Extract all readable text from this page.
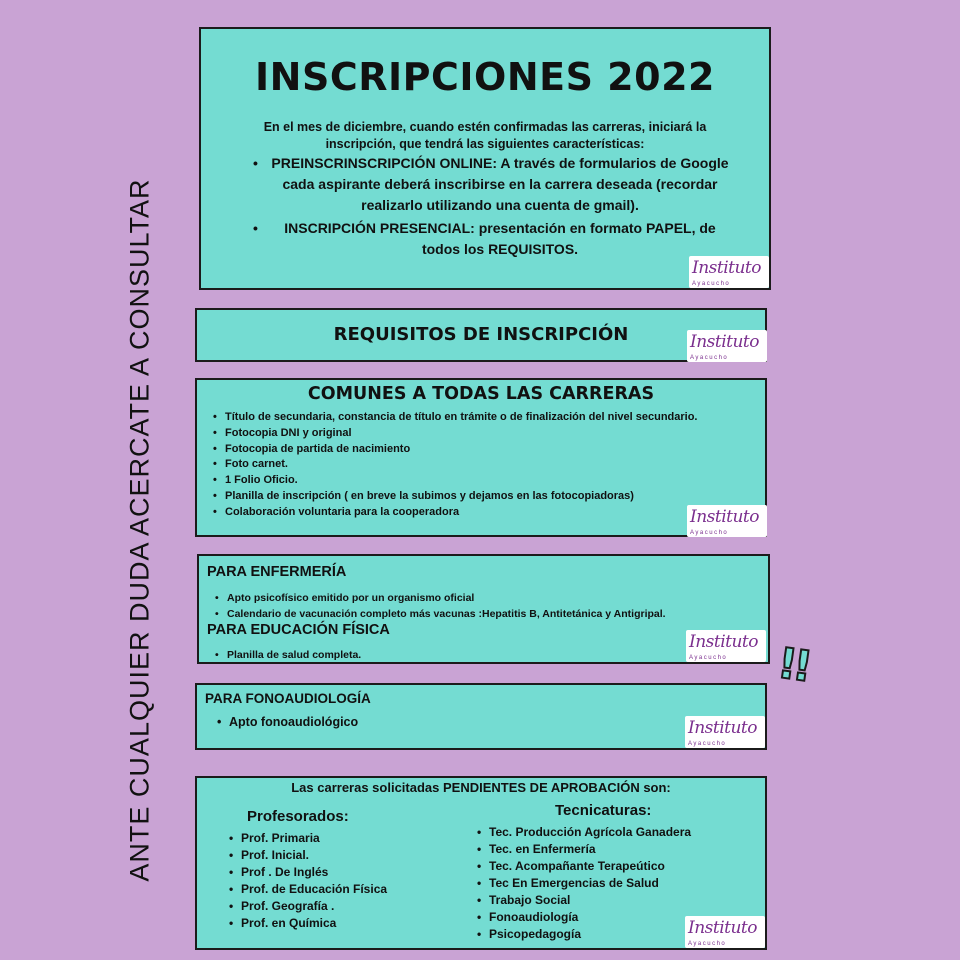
ANTE CUALQUIER DUDA ACERCATE A CONSULTAR
INSCRIPCIONES 2022
En el mes de diciembre, cuando estén confirmadas las carreras, iniciará la inscripción, que tendrá las siguientes características:
• PREINSCRINSCRIPCIÓN ONLINE: A través de formularios de Google cada aspirante deberá inscribirse en la carrera deseada (recordar realizarlo utilizando una cuenta de gmail).
• INSCRIPCIÓN PRESENCIAL: presentación en formato PAPEL, de todos los REQUISITOS.
Instituto
Ayacucho
REQUISITOS DE INSCRIPCIÓN	Instituto
Ayacucho
COMUNES A TODAS LAS CARRERAS
• Título de secundaria, constancia de título en trámite o de finalización del nivel secundario.
• Fotocopia DNI y original
• Fotocopia de partida de nacimiento
• Foto carnet.
• 1 Folio Oficio.
• Planilla de inscripción ( en breve la subimos y dejamos en las fotocopiadoras)
• Colaboración voluntaria para la cooperadora	Instituto
Ayacucho
PARA ENFERMERÍA
• Apto psicofísico emitido por un organismo oficial
• Calendario de vacunación completo más vacunas :Hepatitis B, Antitetánica y Antigripal.
PARA EDUCACIÓN FÍSICA
• Planilla de salud completa.
Instituto
Ayacucho !!
PARA FONOAUDIOLOGÍA
• Apto fonoaudiológico	Instituto
Ayacucho
Las carreras solicitadas PENDIENTES DE APROBACIÓN son:
Profesorados:
• Prof. Primaria
• Prof. Inicial.
• Prof . De Inglés
• Prof. de Educación Física
• Prof. Geografía .
• Prof. en Química
Tecnicaturas:
• Tec. Producción Agrícola Ganadera
• Tec. en Enfermería
• Tec. Acompañante Terapeútico
• Tec En Emergencias de Salud
• Trabajo Social
• Fonoaudiología
• Psicopedagogía	Instituto
Ayacucho
